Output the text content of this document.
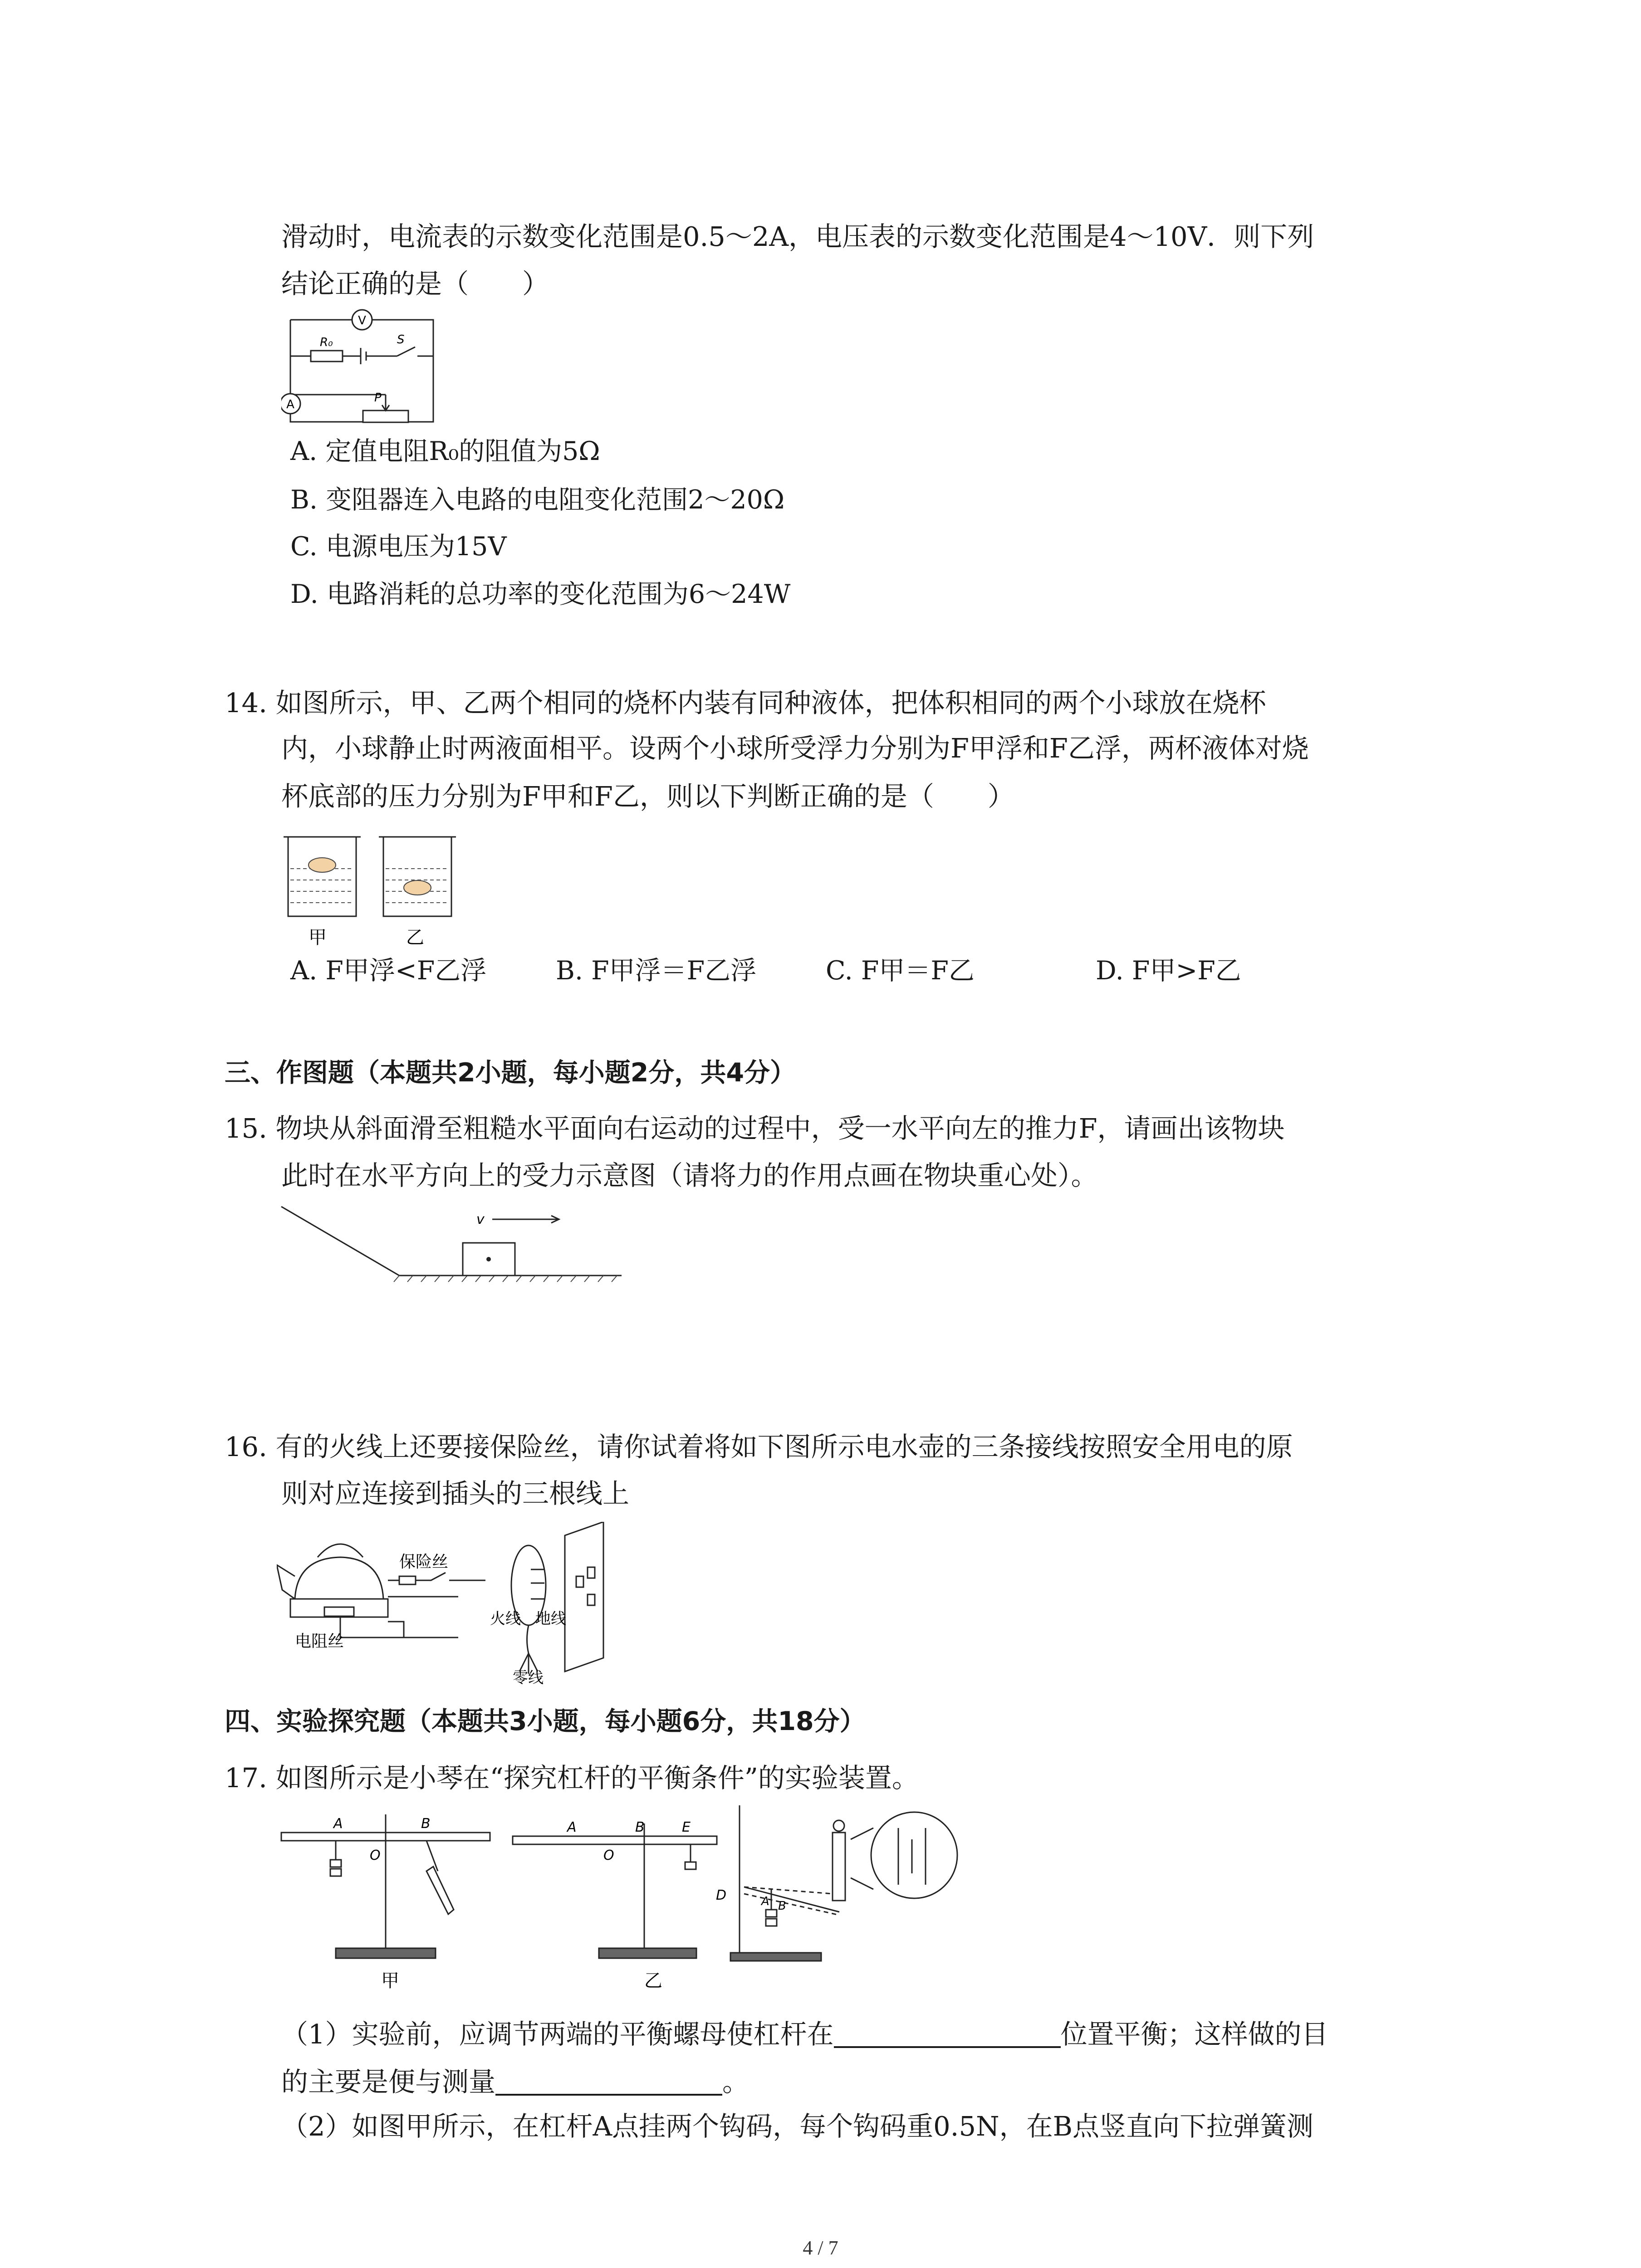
滑动时，电流表的示数变化范围是0.5～2A，电压表的示数变化范围是4～10V．则下列
结论正确的是（　　）
V
A
R₀	S
P
A. 定值电阻R₀的阻值为5Ω
B. 变阻器连入电路的电阻变化范围2～20Ω
C. 电源电压为15V
D. 电路消耗的总功率的变化范围为6～24W
14. 如图所示，甲、乙两个相同的烧杯内装有同种液体，把体积相同的两个小球放在烧杯
内，小球静止时两液面相平。设两个小球所受浮力分别为F甲浮和F乙浮，两杯液体对烧
杯底部的压力分别为F甲和F乙，则以下判断正确的是（　　）
甲	乙
A. F甲浮<F乙浮	B. F甲浮＝F乙浮	C. F甲＝F乙	D. F甲>F乙
三、作图题（本题共2小题，每小题2分，共4分）
15. 物块从斜面滑至粗糙水平面向右运动的过程中，受一水平向左的推力F，请画出该物块
此时在水平方向上的受力示意图（请将力的作用点画在物块重心处）。
v
16. 有的火线上还要接保险丝，请你试着将如下图所示电水壶的三条接线按照安全用电的原
则对应连接到插头的三根线上
保险丝
电阻丝
火线 地线
零线
四、实验探究题（本题共3小题，每小题6分，共18分）
17. 如图所示是小琴在“探究杠杆的平衡条件”的实验装置。
A
O
B
甲
A
O
B	E
乙
D	A B
（1）实验前，应调节两端的平衡螺母使杠杆在	位置平衡；这样做的目
的主要是便与测量	。
（2）如图甲所示，在杠杆A点挂两个钩码，每个钩码重0.5N，在B点竖直向下拉弹簧测
4 / 7
